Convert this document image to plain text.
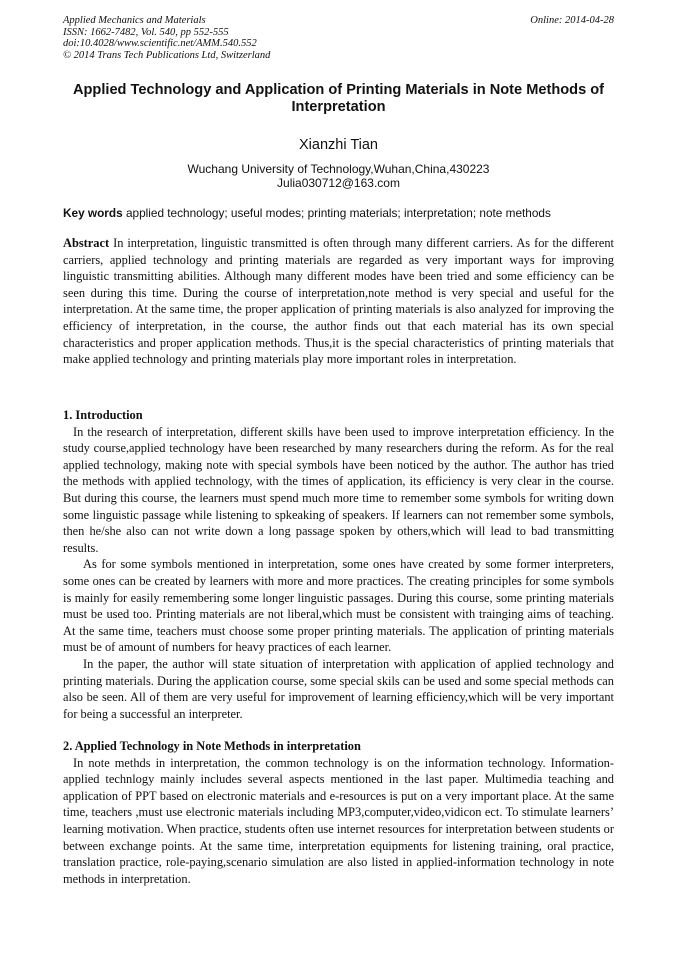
Applied Mechanics and Materials
ISSN: 1662-7482, Vol. 540, pp 552-555
doi:10.4028/www.scientific.net/AMM.540.552
© 2014 Trans Tech Publications Ltd, Switzerland
Online: 2014-04-28
Applied Technology and Application of Printing Materials in Note Methods of Interpretation
Xianzhi Tian
Wuchang University of Technology,Wuhan,China,430223
Julia030712@163.com
Key words applied technology; useful modes; printing materials; interpretation; note methods

Abstract In interpretation, linguistic transmitted is often through many different carriers. As for the different carriers, applied technology and printing materials are regarded as very important ways for improving linguistic transmitting abilities. Although many different modes have been tried and some efficiency can be seen during this time. During the course of interpretation,note method is very special and useful for the interpretation. At the same time, the proper application of printing materials is also analyzed for improving the efficiency of interpretation, in the course, the author finds out that each material has its own special characteristics and proper application methods. Thus,it is the special characteristics of printing materials that make applied technology and printing materials play more important roles in interpretation.

1. Introduction

In the research of interpretation, different skills have been used to improve interpretation efficiency. In the study course,applied technology have been researched by many researchers during the reform. As for the real applied technology, making note with special symbols have been noticed by the author. The author has tried the methods with applied technology, with the times of application, its efficiency is very clear in the course. But during this course, the learners must spend much more time to remember some symbols for writing down some linguistic passage while listening to spkeaking of speakers. If learners can not remember some symbols, then he/she also can not write down a long passage spoken by others,which will lead to bad transmitting results.

As for some symbols mentioned in interpretation, some ones have created by some former interpreters, some ones can be created by learners with more and more practices. The creating principles for some symbols is mainly for easily remembering some longer linguistic passages. During this course, some printing materials must be used too. Printing materials are not liberal,which must be consistent with trainging aims of teaching. At the same time, teachers must choose some proper printing materials. The application of printing materials must be of amount of numbers for heavy practices of each learner.

In the paper, the author will state situation of interpretation with application of applied technology and printing materials. During the application course, some special skils can be used and some special methods can also be seen. All of them are very useful for improvement of learning efficiency,which will be very important for being a successful an interpreter.

2. Applied Technology in Note Methods in interpretation

In note methds in interpretation, the common technology is on the information technology. Information-applied technlogy mainly includes several aspects mentioned in the last paper. Multimedia teaching and application of PPT based on electronic materials and e-resources is put on a very important place. At the same time, teachers ,must use electronic materials including MP3,computer,video,vidicon ect. To stimulate learners’ learning motivation. When practice, students often use internet resources for interpretation between students or between exchange points. At the same time, interpretation equipments for listening training, oral practice, translation practice, role-paying,scenario simulation are also listed in applied-information technology in note methods in interpretation.
